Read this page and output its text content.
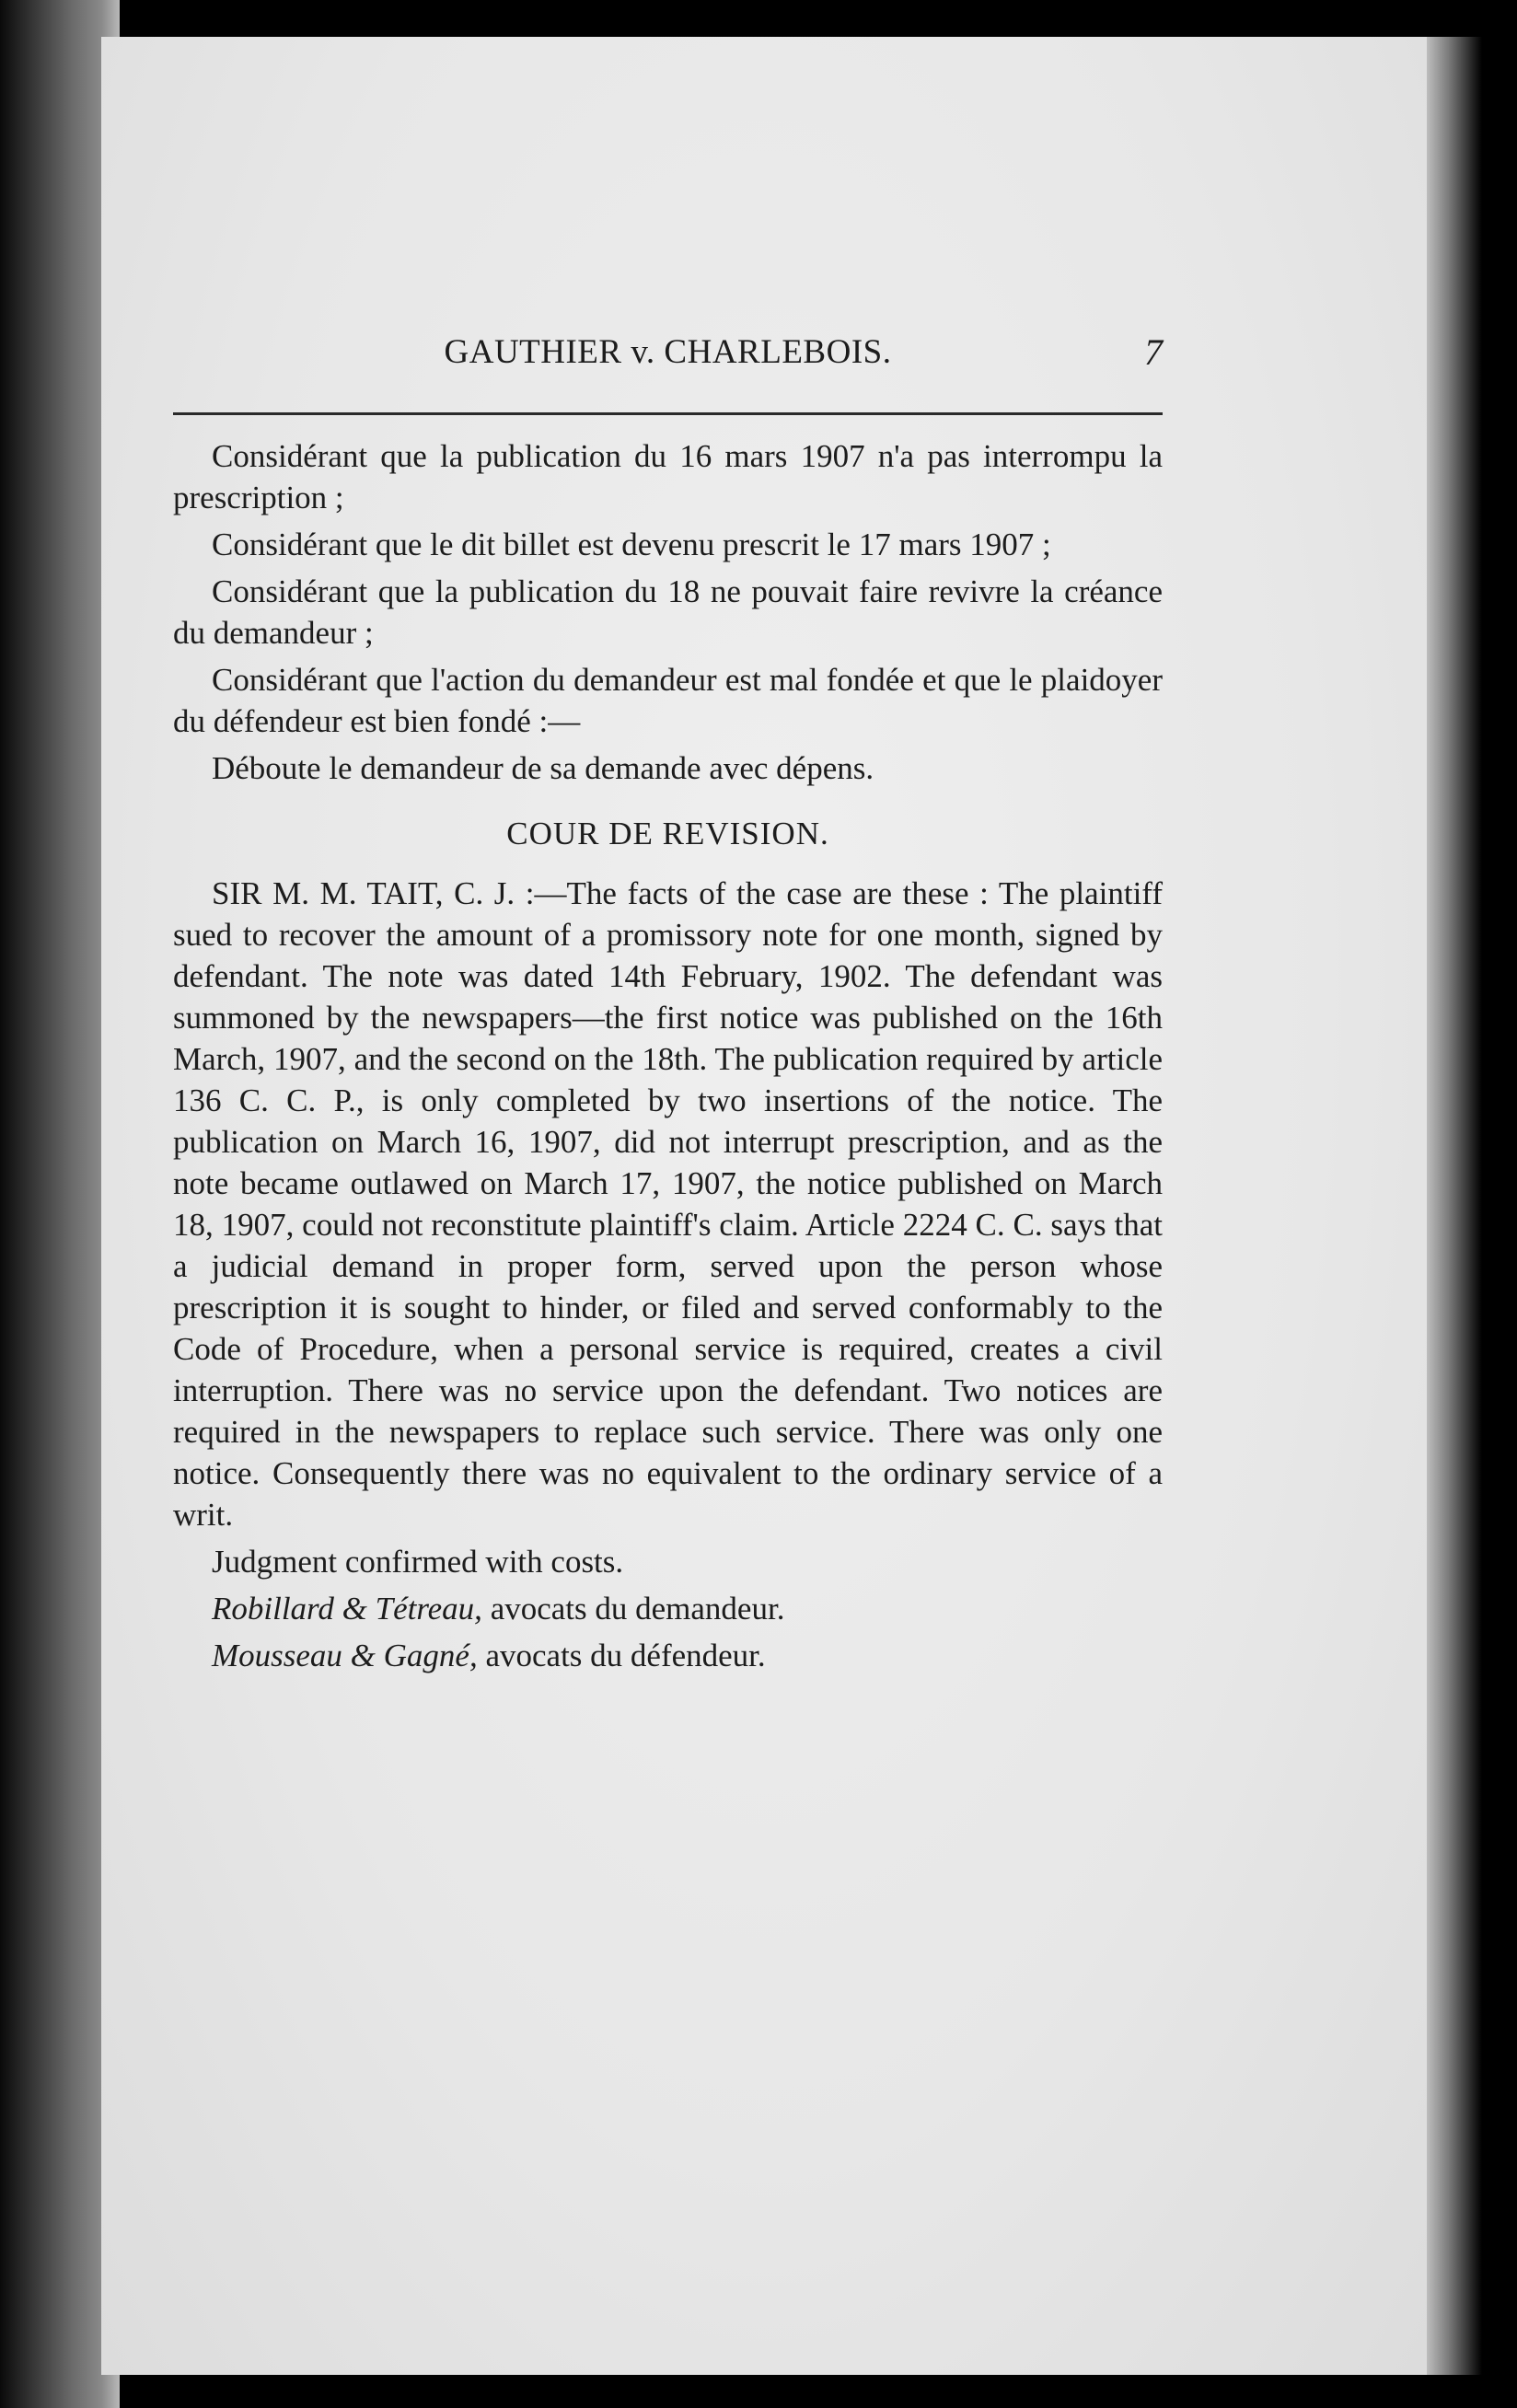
GAUTHIER v. CHARLEBOIS.	7

Considérant que la publication du 16 mars 1907 n'a pas interrompu la prescription ;

Considérant que le dit billet est devenu prescrit le 17 mars 1907 ;

Considérant que la publication du 18 ne pouvait faire revivre la créance du demandeur ;

Considérant que l'action du demandeur est mal fondée et que le plaidoyer du défendeur est bien fondé :—

Déboute le demandeur de sa demande avec dépens.

COUR DE REVISION.

SIR M. M. TAIT, C. J. :—The facts of the case are these : The plaintiff sued to recover the amount of a promissory note for one month, signed by defendant. The note was dated 14th February, 1902. The defendant was summoned by the newspapers—the first notice was published on the 16th March, 1907, and the second on the 18th. The publication required by article 136 C. C. P., is only completed by two insertions of the notice. The publication on March 16, 1907, did not interrupt prescription, and as the note became outlawed on March 17, 1907, the notice published on March 18, 1907, could not reconstitute plaintiff's claim. Article 2224 C. C. says that a judicial demand in proper form, served upon the person whose prescription it is sought to hinder, or filed and served conformably to the Code of Procedure, when a personal service is required, creates a civil interruption. There was no service upon the defendant. Two notices are required in the newspapers to replace such service. There was only one notice. Consequently there was no equivalent to the ordinary service of a writ.

Judgment confirmed with costs.

Robillard & Tétreau, avocats du demandeur.

Mousseau & Gagné, avocats du défendeur.
